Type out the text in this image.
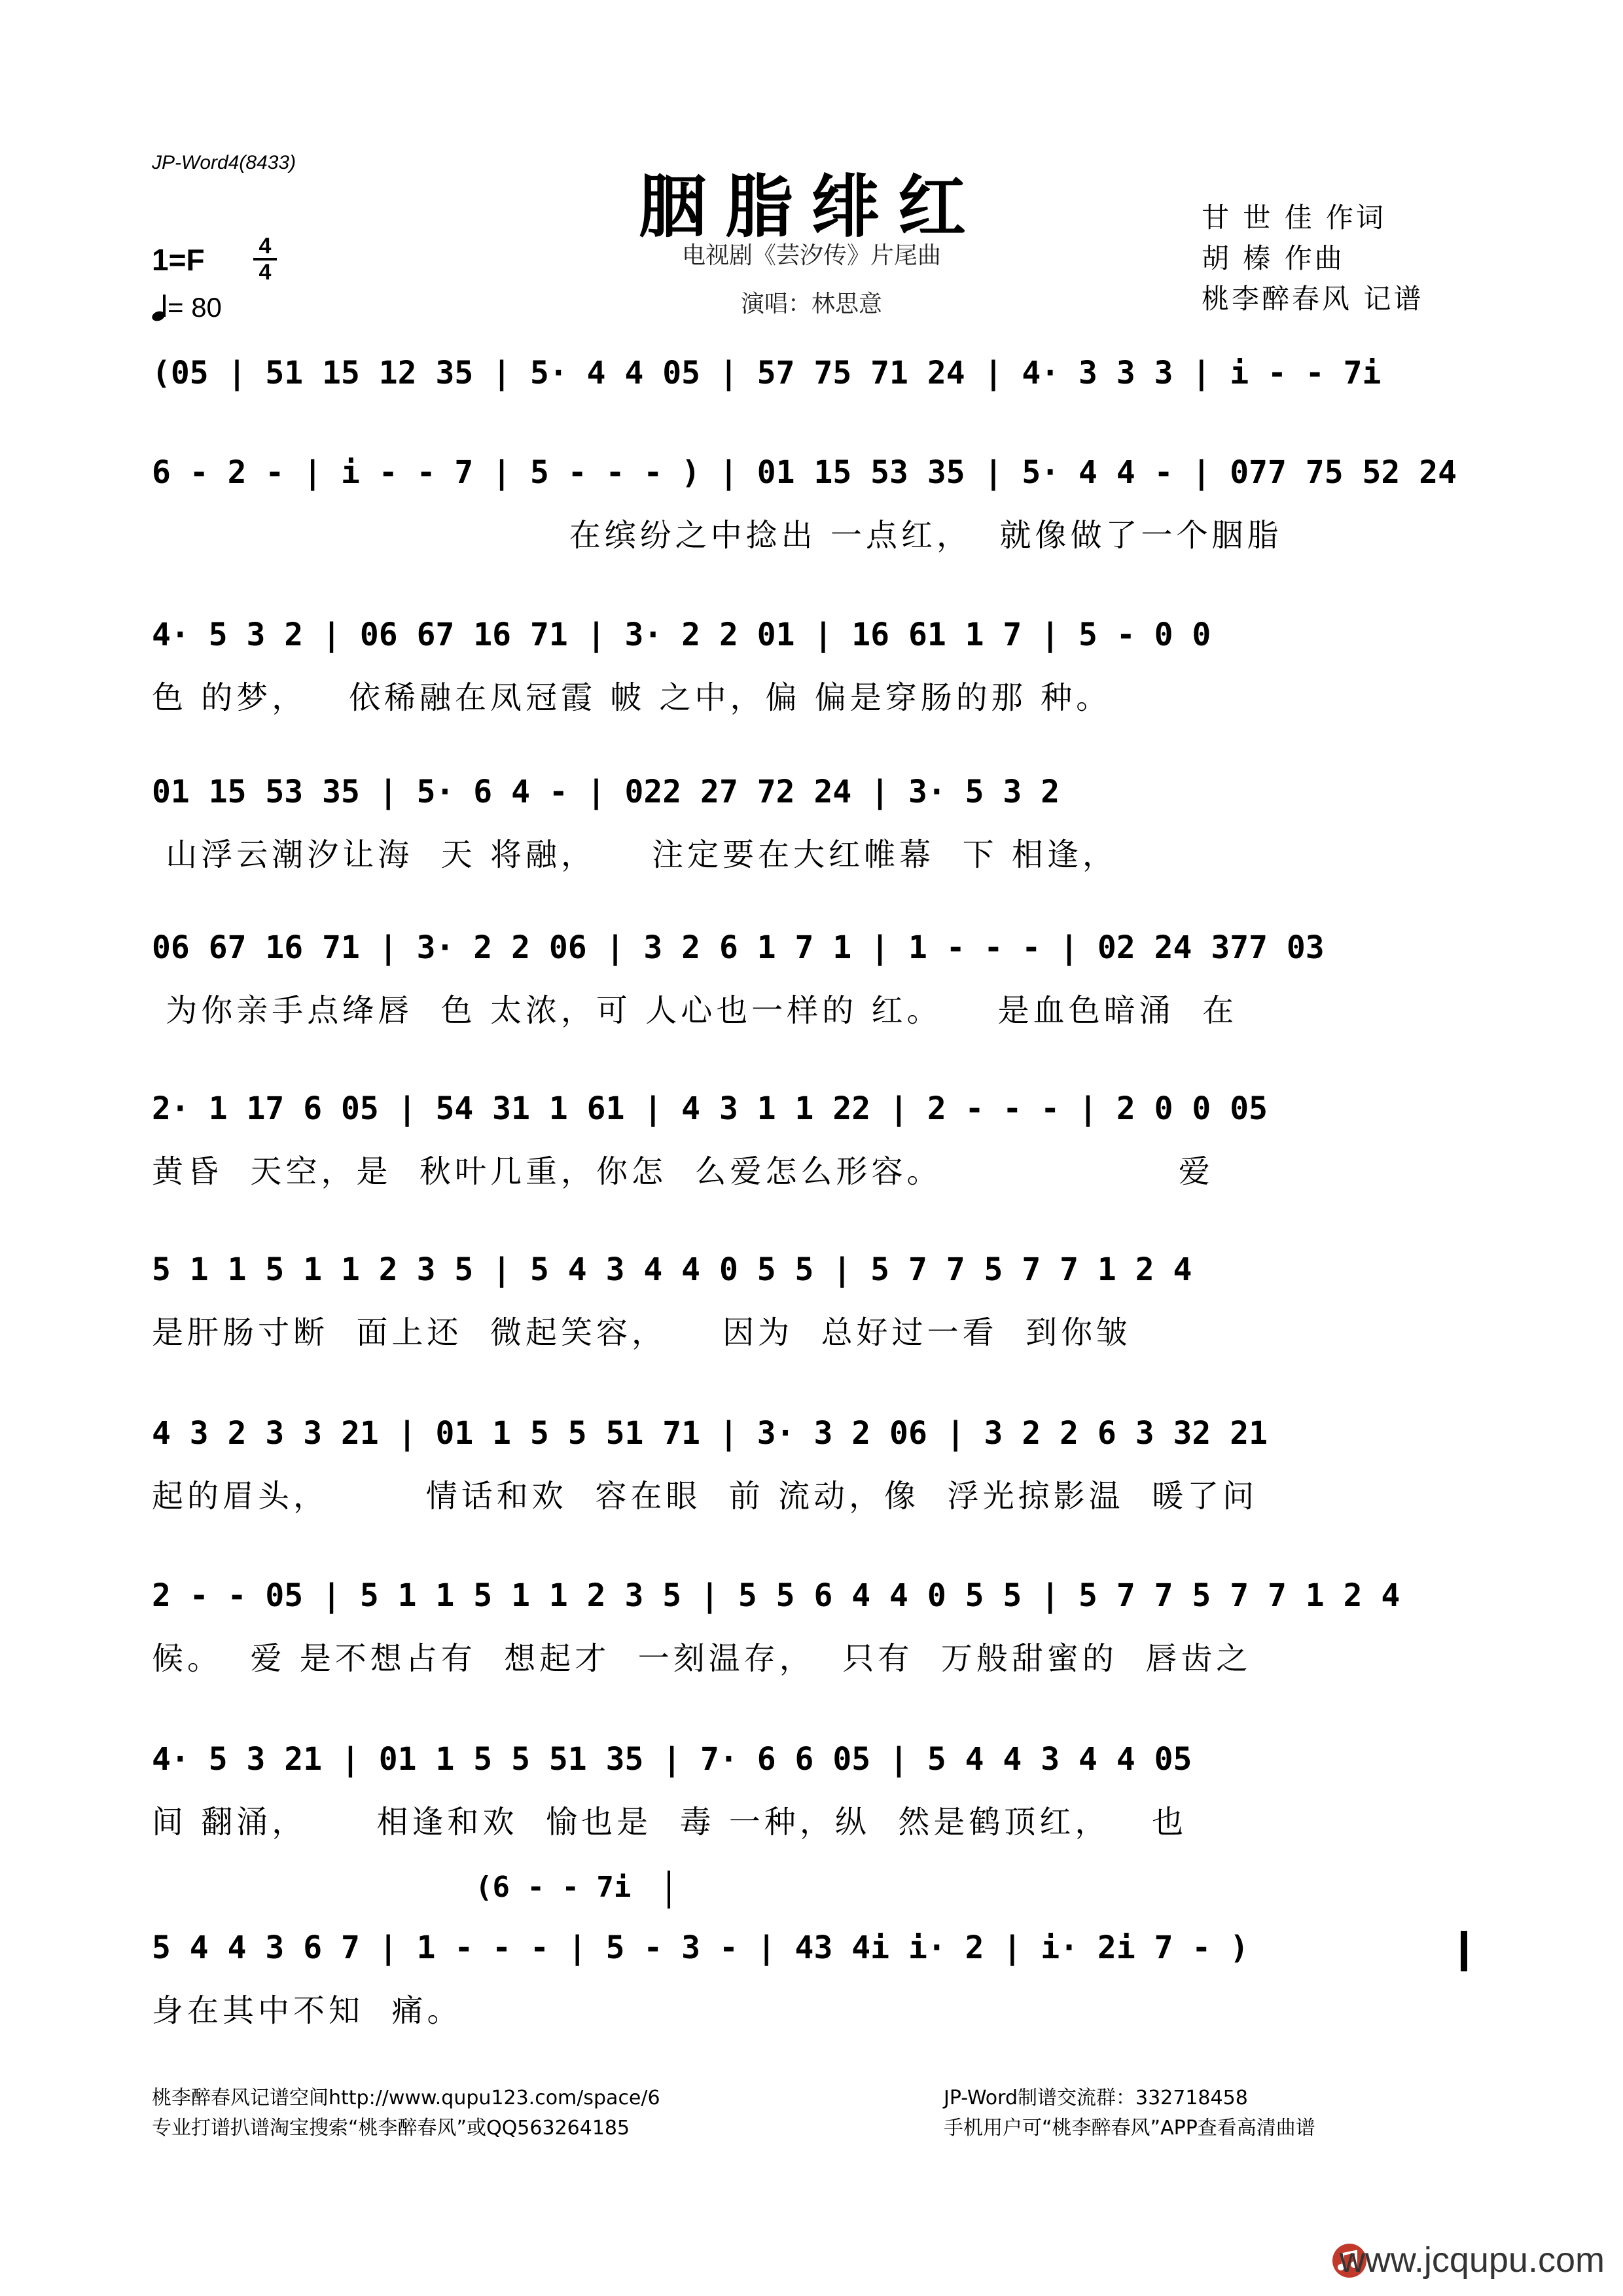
JP-Word4(8433)
胭脂绯红
电视剧《芸汐传》片尾曲
演唱：林思意
甘 世 佳 作词
胡 榛 作曲
桃李醉春风 记谱
1=F	4
4
= 80
(05 | 51 15 12 35 | 5· 4 4 05 | 57 75 71 24 | 4· 3 3 3 | i - - 7i
6 - 2 - | i - - 7 | 5 - - - ) | 01 15 53 35 | 5· 4 4 - | 077 75 52 24
在缤纷之中捻出 一点红，  就像做了一个胭脂
4· 5 3 2 | 06 67 16 71 | 3· 2 2 01 | 16 61 1 7 | 5 - 0 0
色 的梦，   依稀融在凤冠霞 帔 之中，偏 偏是穿肠的那 种。
01 15 53 35 | 5· 6 4 - | 022 27 72 24 | 3· 5 3 2
山浮云潮汐让海  天 将融，    注定要在大红帷幕  下 相逢，
06 67 16 71 | 3· 2 2 06 | 3 2 6 1 7 1 | 1 - - - | 02 24 377 03
为你亲手点绛唇  色 太浓，可 人心也一样的 红。    是血色暗涌  在
2· 1 17 6 05 | 54 31 1 61 | 4 3 1 1 22 | 2 - - - | 2 0 0 05
黄昏  天空，是  秋叶几重，你怎  么爱怎么形容。                 爱
5 1 1 5 1 1 2 3 5 | 5 4 3 4 4 0 5 5 | 5 7 7 5 7 7 1 2 4
是肝肠寸断  面上还  微起笑容，    因为  总好过一看  到你皱
4 3 2 3 3 21 | 01 1 5 5 51 71 | 3· 3 2 06 | 3 2 2 6 3 32 21
起的眉头，       情话和欢  容在眼  前 流动，像  浮光掠影温  暖了问
2 - - 05 | 5 1 1 5 1 1 2 3 5 | 5 5 6 4 4 0 5 5 | 5 7 7 5 7 7 1 2 4
候。  爱 是不想占有  想起才  一刻温存，  只有  万般甜蜜的  唇齿之
4· 5 3 21 | 01 1 5 5 51 35 | 7· 6 6 05 | 5 4 4 3 4 4 05
间 翻涌，     相逢和欢  愉也是  毒 一种，纵  然是鹤顶红，   也
(6 - - 7i
5 4 4 3 6 7 | 1 - - - | 5 - 3 - | 43 4i i· 2 | i· 2i 7 - )
身在其中不知  痛。
桃李醉春风记谱空间http://www.qupu123.com/space/6
专业打谱扒谱淘宝搜索“桃李醉春风”或QQ563264185
JP-Word制谱交流群：332718458
手机用户可“桃李醉春风”APP查看高清曲谱
www.jcqupu.com
